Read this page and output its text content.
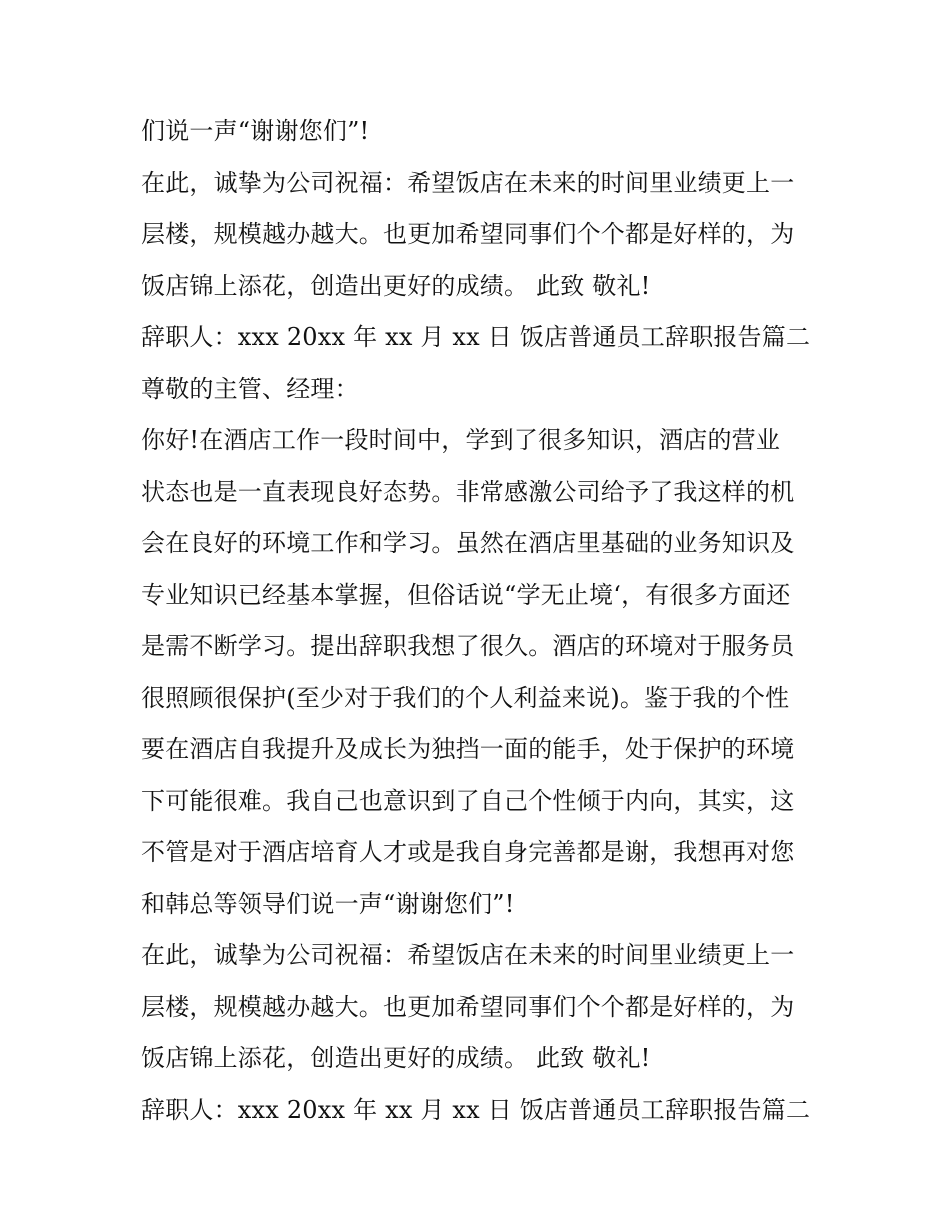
们说一声“谢谢您们”!
在此，诚挚为公司祝福：希望饭店在未来的时间里业绩更上一
层楼，规模越办越大。也更加希望同事们个个都是好样的，为
饭店锦上添花，创造出更好的成绩。 此致 敬礼!
辞职人：xxx 20xx 年 xx 月 xx 日 饭店普通员工辞职报告篇二
尊敬的主管、经理：
你好!在酒店工作一段时间中，学到了很多知识，酒店的营业
状态也是一直表现良好态势。非常感激公司给予了我这样的机
会在良好的环境工作和学习。虽然在酒店里基础的业务知识及
专业知识已经基本掌握，但俗话说“学无止境‘，有很多方面还
是需不断学习。提出辞职我想了很久。酒店的环境对于服务员
很照顾很保护(至少对于我们的个人利益来说)。鉴于我的个性
要在酒店自我提升及成长为独挡一面的能手，处于保护的环境
下可能很难。我自己也意识到了自己个性倾于内向，其实，这
不管是对于酒店培育人才或是我自身完善都是谢，我想再对您
和韩总等领导们说一声“谢谢您们”!
在此，诚挚为公司祝福：希望饭店在未来的时间里业绩更上一
层楼，规模越办越大。也更加希望同事们个个都是好样的，为
饭店锦上添花，创造出更好的成绩。 此致 敬礼!
辞职人：xxx 20xx 年 xx 月 xx 日 饭店普通员工辞职报告篇二
